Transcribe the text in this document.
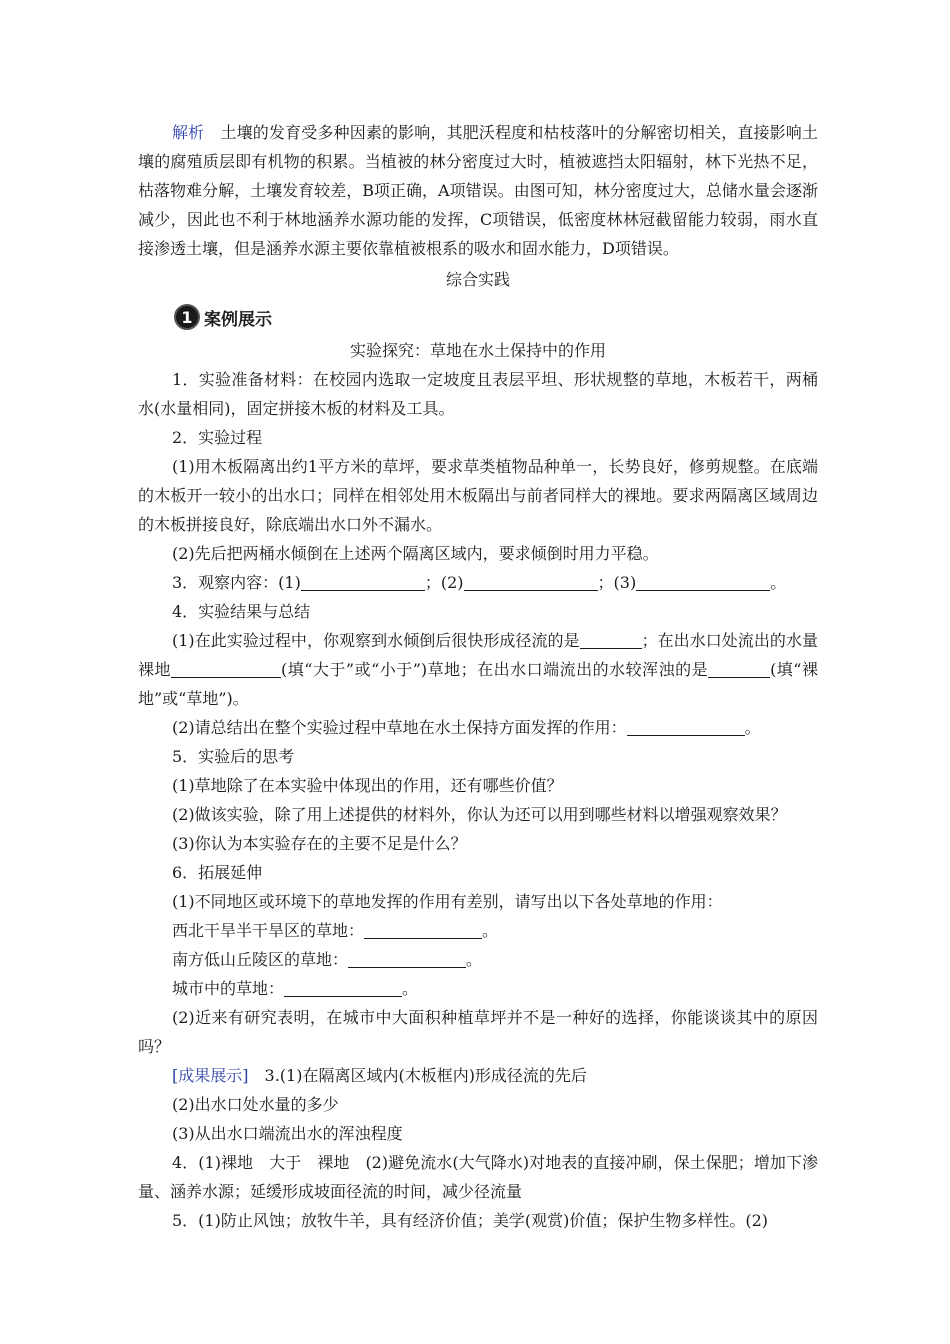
解析　 土壤的发育受多种因素的影响，其肥沃程度和枯枝落叶的分解密切相关，直接影响土壤的腐殖质层即有机物的积累。当植被的林分密度过大时，植被遮挡太阳辐射，林下光热不足，枯落物难分解，土壤发育较差，B项正确，A项错误。由图可知，林分密度过大，总储水量会逐渐减少，因此也不利于林地涵养水源功能的发挥，C项错误，低密度林林冠截留能力较弱，雨水直接渗透土壤，但是涵养水源主要依靠植被根系的吸水和固水能力，D项错误。

综合实践

1 案例展示

实验探究：草地在水土保持中的作用

1．实验准备材料：在校园内选取一定坡度且表层平坦、形状规整的草地，木板若干，两桶水(水量相同)，固定拼接木板的材料及工具。

2．实验过程

(1)用木板隔离出约1平方米的草坪，要求草类植物品种单一，长势良好，修剪规整。在底端的木板开一较小的出水口；同样在相邻处用木板隔出与前者同样大的裸地。要求两隔离区域周边的木板拼接良好，除底端出水口外不漏水。

(2)先后把两桶水倾倒在上述两个隔离区域内，要求倾倒时用力平稳。

3．观察内容：(1)	；(2)	；(3)	。

4．实验结果与总结

(1)在此实验过程中，你观察到水倾倒后很快形成径流的是	；在出水口处流出的水量裸地	(填“大于”或“小于”)草地；在出水口端流出的水较浑浊的是	(填“裸地”或“草地”)。

(2)请总结出在整个实验过程中草地在水土保持方面发挥的作用：	。

5．实验后的思考

(1)草地除了在本实验中体现出的作用，还有哪些价值？

(2)做该实验，除了用上述提供的材料外，你认为还可以用到哪些材料以增强观察效果？

(3)你认为本实验存在的主要不足是什么？

6．拓展延伸

(1)不同地区或环境下的草地发挥的作用有差别，请写出以下各处草地的作用：

西北干旱半干旱区的草地：	。

南方低山丘陵区的草地：	。

城市中的草地：	。

(2)近来有研究表明，在城市中大面积种植草坪并不是一种好的选择，你能谈谈其中的原因吗？

[成果展示]　 3.(1)在隔离区域内(木板框内)形成径流的先后

(2)出水口处水量的多少

(3)从出水口端流出水的浑浊程度

4．(1)裸地　大于　裸地　(2)避免流水(大气降水)对地表的直接冲刷，保土保肥；增加下渗量、涵养水源；延缓形成坡面径流的时间，减少径流量

5．(1)防止风蚀；放牧牛羊，具有经济价值；美学(观赏)价值；保护生物多样性。(2)
